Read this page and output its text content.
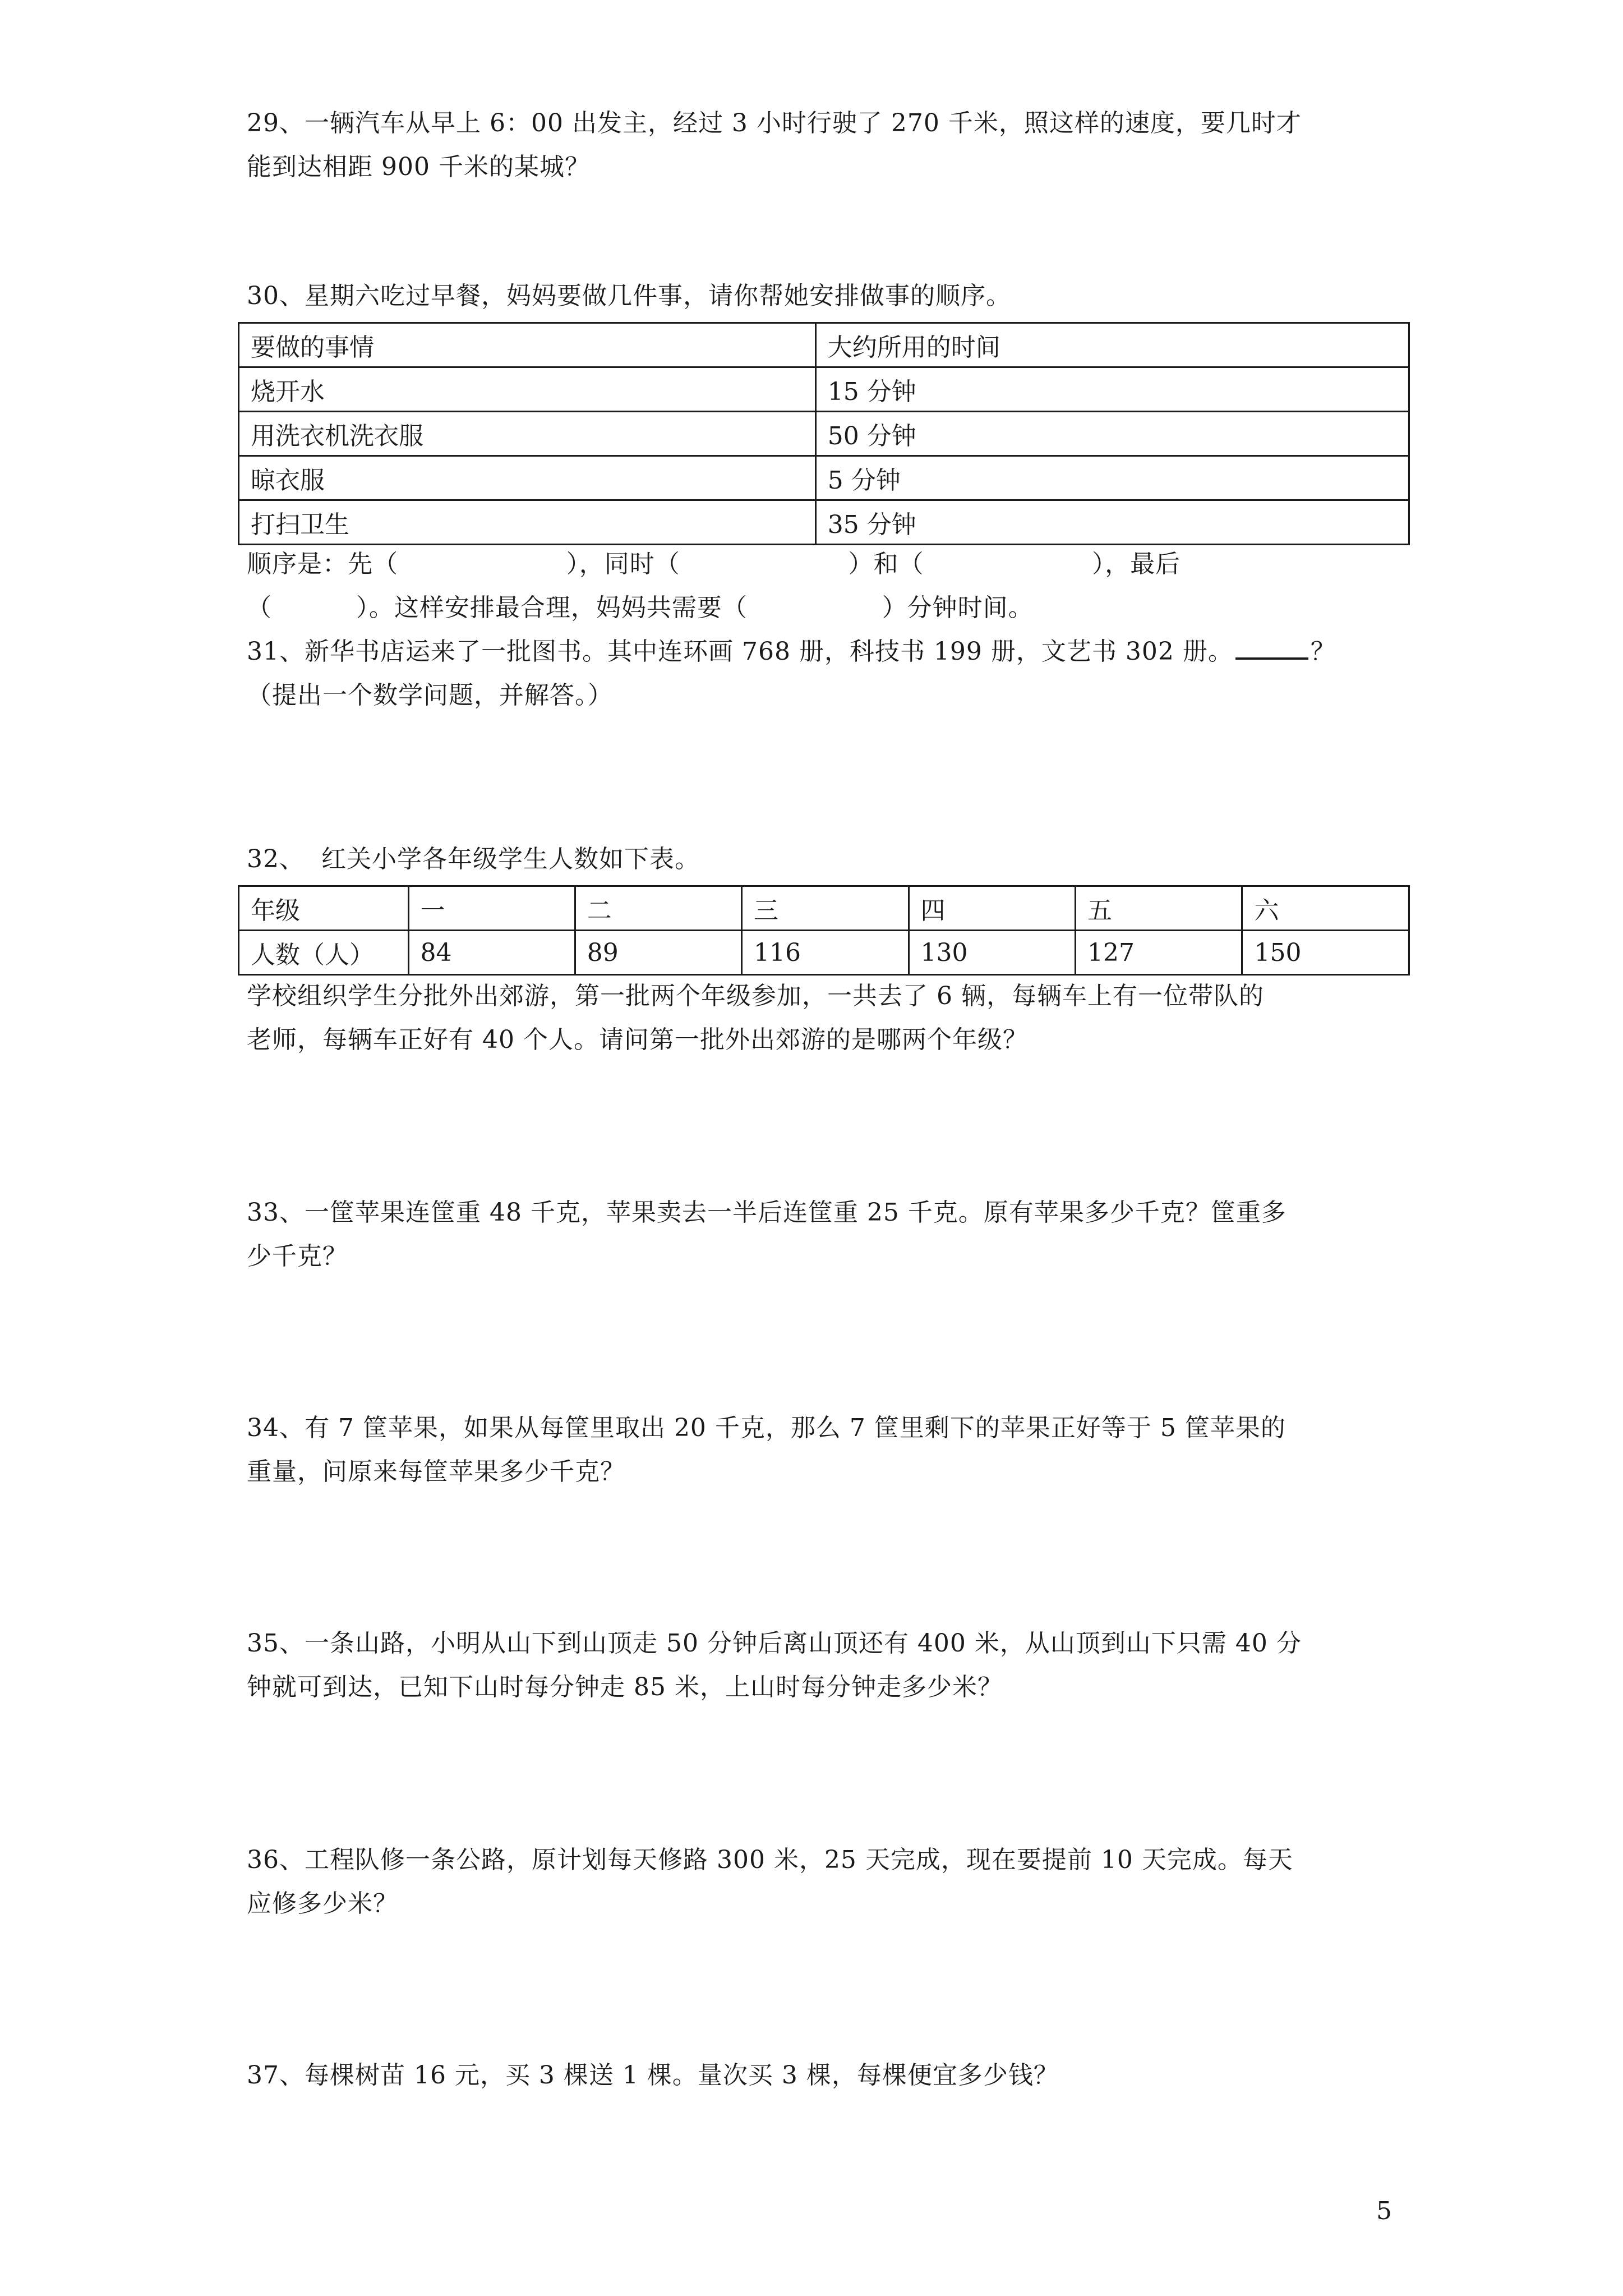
29、一辆汽车从早上 6：00 出发主，经过 3 小时行驶了 270 千米，照这样的速度，要几时才
能到达相距 900 千米的某城？
30、星期六吃过早餐，妈妈要做几件事，请你帮她安排做事的顺序。
要做的事情	大约所用的时间
烧开水	15 分钟
用洗衣机洗衣服	50 分钟
晾衣服	5 分钟
打扫卫生	35 分钟
顺序是：先（                    ），同时（                    ）和（                    ），最后
（          ）。这样安排最合理，妈妈共需要（                ）分钟时间。
31、新华书店运来了一批图书。其中连环画 768 册，科技书 199 册，文艺书 302 册。	？
（提出一个数学问题，并解答。）
32、  红关小学各年级学生人数如下表。
年级	一	二	三	四	五	六
人数（人）	84	89	116	130	127	150
学校组织学生分批外出郊游，第一批两个年级参加，一共去了 6 辆，每辆车上有一位带队的
老师，每辆车正好有 40 个人。请问第一批外出郊游的是哪两个年级？
33、一筐苹果连筐重 48 千克，苹果卖去一半后连筐重 25 千克。原有苹果多少千克？筐重多
少千克？
34、有 7 筐苹果，如果从每筐里取出 20 千克，那么 7 筐里剩下的苹果正好等于 5 筐苹果的
重量，问原来每筐苹果多少千克？
35、一条山路，小明从山下到山顶走 50 分钟后离山顶还有 400 米，从山顶到山下只需 40 分
钟就可到达，已知下山时每分钟走 85 米，上山时每分钟走多少米？
36、工程队修一条公路，原计划每天修路 300 米，25 天完成，现在要提前 10 天完成。每天
应修多少米？
37、每棵树苗 16 元，买 3 棵送 1 棵。量次买 3 棵，每棵便宜多少钱？
5
